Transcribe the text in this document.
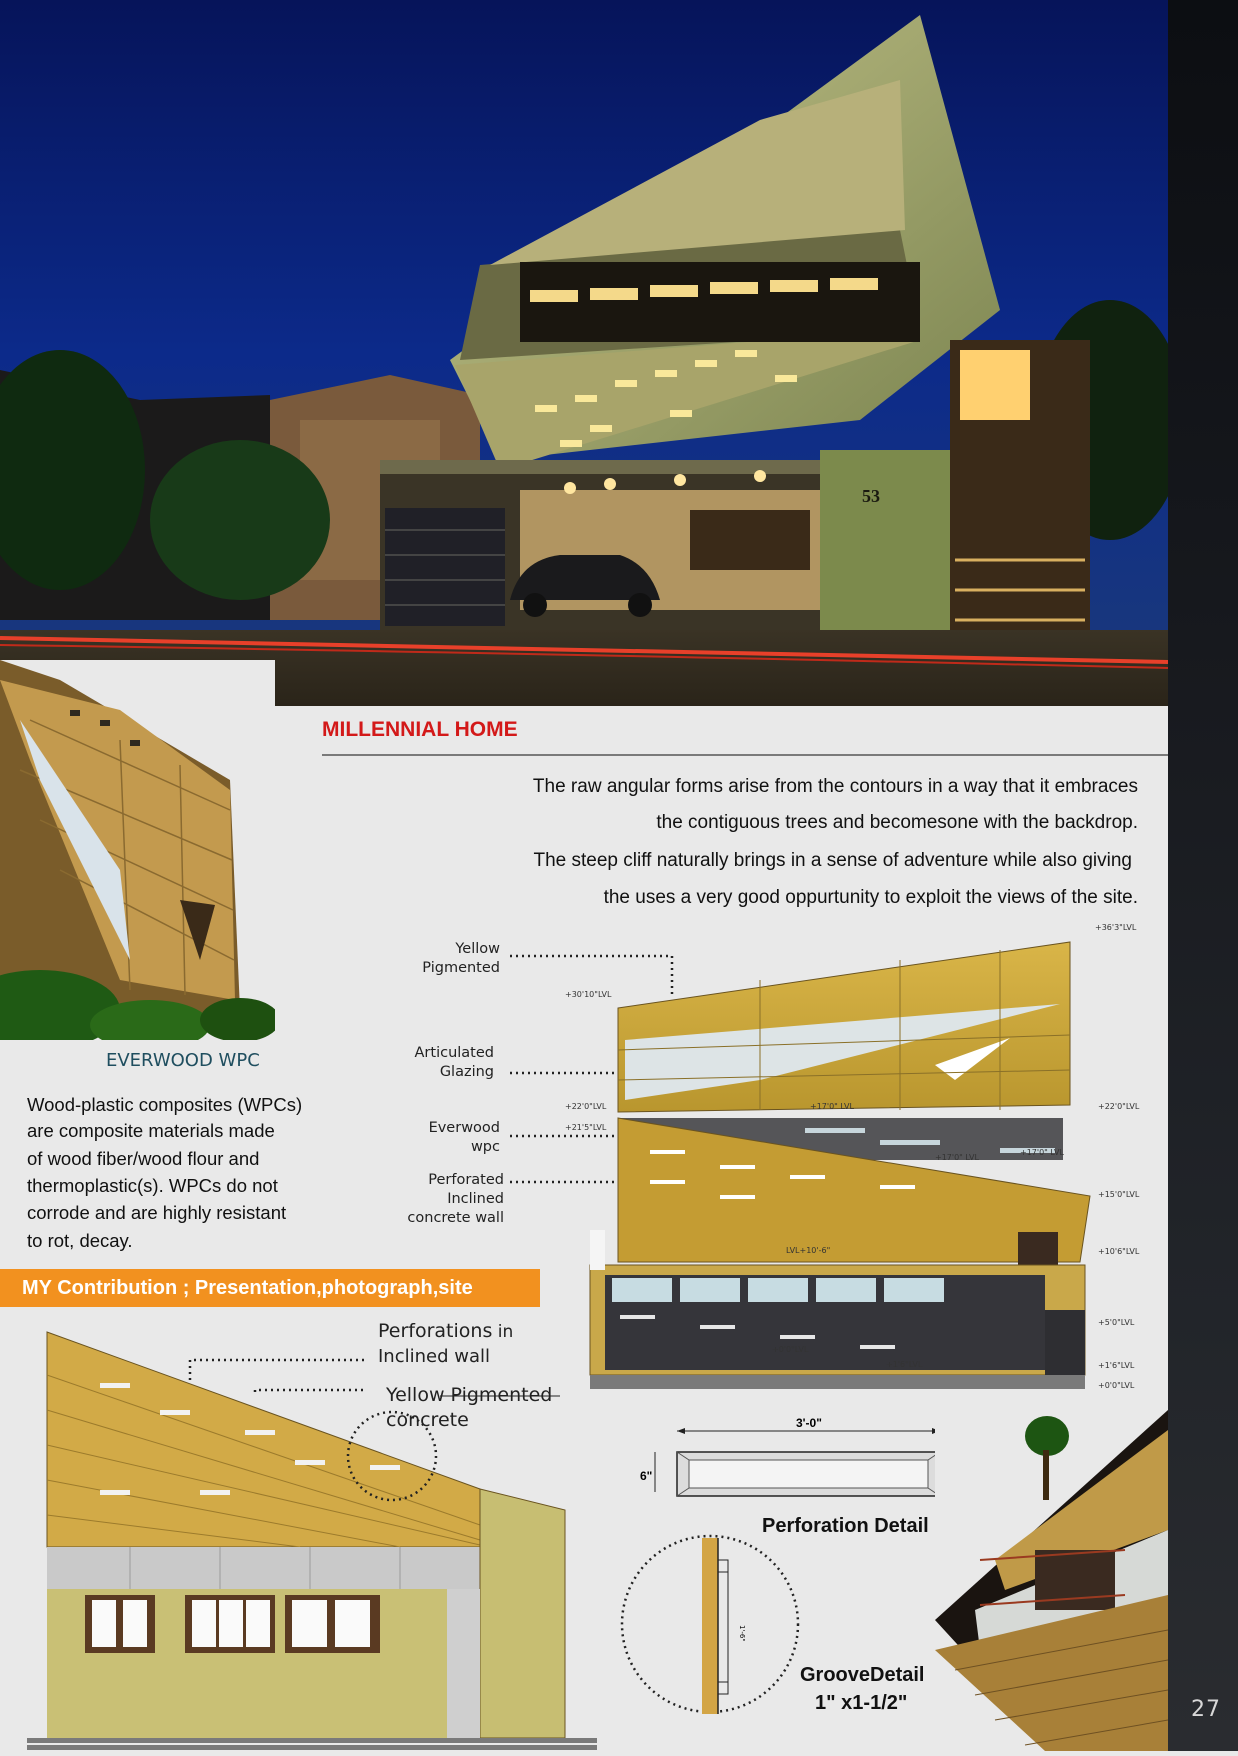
53
27
MILLENNIAL HOME
The raw angular forms arise from the contours in a way that it embraces
the contiguous trees and becomesone with the backdrop.
The steep cliff naturally brings in a sense of adventure while also giving
the uses a very good oppurtunity to exploit the views of the site.
EVERWOOD WPC
Wood-plastic composites (WPCs)
are composite materials made
of wood fiber/wood flour and
thermoplastic(s). WPCs do not
corrode and are highly resistant
to rot, decay.
MY Contribution ; Presentation,photograph,site
Yellow
Pigmented
Articulated
Glazing
Everwood
wpc
Perforated
Inclined
concrete wall
+36'3"LVL
+30'10"LVL
+22'0"LVL
+21'5"LVL
+17'0" LVL	+22'0"LVL
+17'0" LVL
+17'0" LVL
+15'0"LVL
LVL+10'-6"	+10'6"LVL
+5'0"LVL
+0'0"LVL
+1'6"LVL	+1'6"LVL
+0'0"LVL
Perforations in
Inclined wall
Yellow Pigmented
concrete	3'-0"
6"
Perforation Detail
1'-6"
GrooveDetail
1" x1-1/2"
